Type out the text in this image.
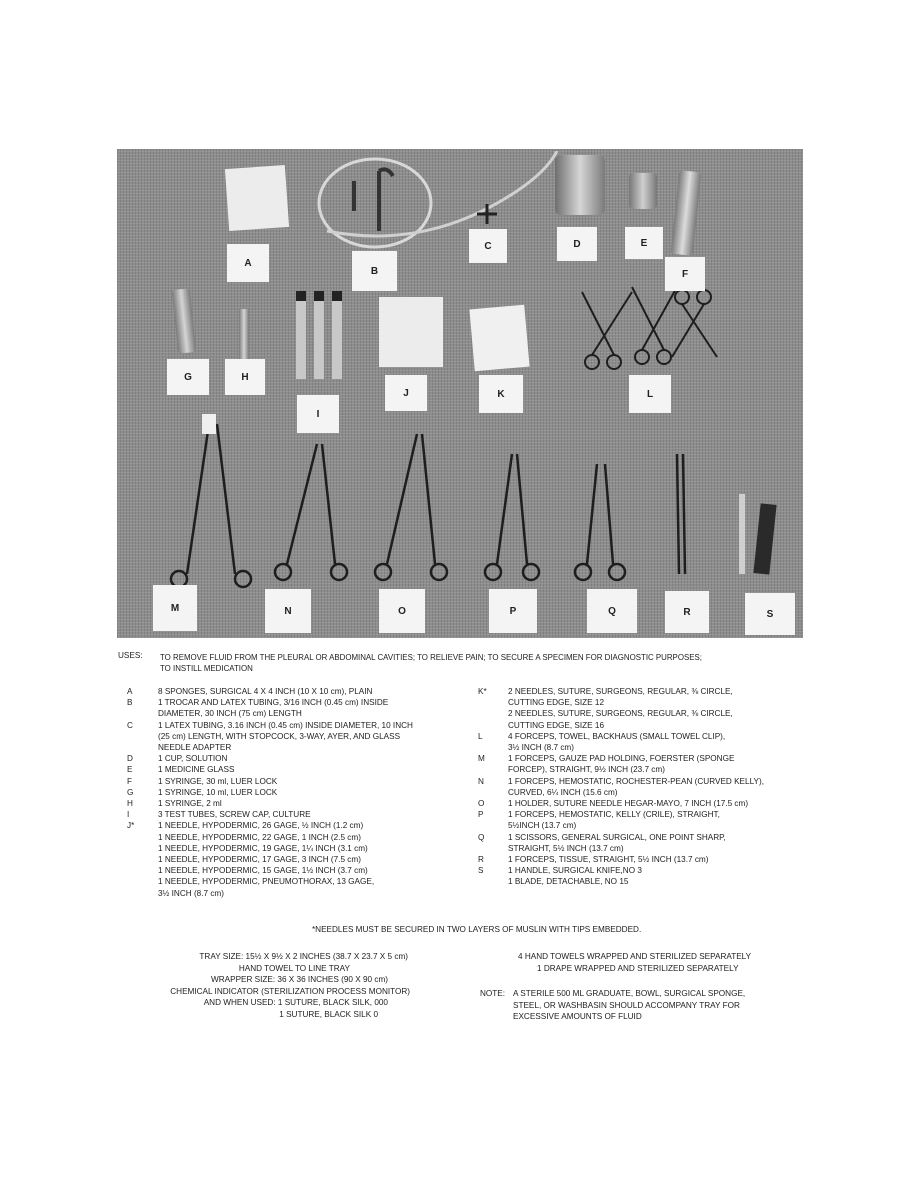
A
B
C	D	E
F
G	H
I
J	K	L
M	N	O	P	Q	R	S
USES: TO REMOVE FLUID FROM THE PLEURAL OR ABDOMINAL CAVITIES; TO RELIEVE PAIN; TO SECURE A SPECIMEN FOR DIAGNOSTIC PURPOSES;
TO INSTILL MEDICATION
A	8 SPONGES, SURGICAL 4 X 4 INCH (10 X 10 cm), PLAIN
B	1 TROCAR AND LATEX TUBING, 3/16 INCH (0.45 cm) INSIDE
DIAMETER, 30 INCH (75 cm) LENGTH
C	1 LATEX TUBING, 3.16 INCH (0.45 cm) INSIDE DIAMETER, 10 INCH
(25 cm) LENGTH, WITH STOPCOCK, 3-WAY, AYER, AND GLASS
NEEDLE ADAPTER
D	1 CUP, SOLUTION
E	1 MEDICINE GLASS
F	1 SYRINGE, 30 ml, LUER LOCK
G	1 SYRINGE, 10 ml, LUER LOCK
H	1 SYRINGE, 2 ml
I	3 TEST TUBES, SCREW CAP, CULTURE
J*	1 NEEDLE, HYPODERMIC, 26 GAGE, ½ INCH (1.2 cm)
1 NEEDLE, HYPODERMIC, 22 GAGE, 1 INCH (2.5 cm)
1 NEEDLE, HYPODERMIC, 19 GAGE, 1¼ INCH (3.1 cm)
1 NEEDLE, HYPODERMIC, 17 GAGE, 3 INCH (7.5 cm)
1 NEEDLE, HYPODERMIC, 15 GAGE, 1½ INCH (3.7 cm)
1 NEEDLE, HYPODERMIC, PNEUMOTHORAX, 13 GAGE,
3½ INCH (8.7 cm)
K*	2 NEEDLES, SUTURE, SURGEONS, REGULAR, ⅜ CIRCLE,
CUTTING EDGE, SIZE 12
2 NEEDLES, SUTURE, SURGEONS, REGULAR, ⅜ CIRCLE,
CUTTING EDGE, SIZE 16
L	4 FORCEPS, TOWEL, BACKHAUS (SMALL TOWEL CLIP),
3½ INCH (8.7 cm)
M	1 FORCEPS, GAUZE PAD HOLDING, FOERSTER (SPONGE
FORCEP), STRAIGHT, 9½ INCH (23.7 cm)
N	1 FORCEPS, HEMOSTATIC, ROCHESTER-PEAN (CURVED KELLY),
CURVED, 6¼ INCH (15.6 cm)
O	1 HOLDER, SUTURE NEEDLE HEGAR-MAYO, 7 INCH (17.5 cm)
P	1 FORCEPS, HEMOSTATIC, KELLY (CRILE), STRAIGHT,
5½INCH (13.7 cm)
Q	1 SCISSORS, GENERAL SURGICAL, ONE POINT SHARP,
STRAIGHT, 5½ INCH (13.7 cm)
R	1 FORCEPS, TISSUE, STRAIGHT, 5½ INCH (13.7 cm)
S	1 HANDLE, SURGICAL KNIFE,NO 3
1 BLADE, DETACHABLE, NO 15
*NEEDLES MUST BE SECURED IN TWO LAYERS OF MUSLIN WITH TIPS EMBEDDED.
TRAY SIZE: 15½ X 9½ X 2 INCHES (38.7 X 23.7 X 5 cm)
HAND TOWEL TO LINE TRAY
WRAPPER SIZE: 36 X 36 INCHES (90 X 90 cm)
CHEMICAL INDICATOR (STERILIZATION PROCESS MONITOR)
AND WHEN USED: 1 SUTURE, BLACK SILK, 000
1 SUTURE, BLACK SILK 0
4 HAND TOWELS WRAPPED AND STERILIZED SEPARATELY
1 DRAPE WRAPPED AND STERILIZED SEPARATELY
NOTE: A STERILE 500 ML GRADUATE, BOWL, SURGICAL SPONGE,
STEEL, OR WASHBASIN SHOULD ACCOMPANY TRAY FOR
EXCESSIVE AMOUNTS OF FLUID
